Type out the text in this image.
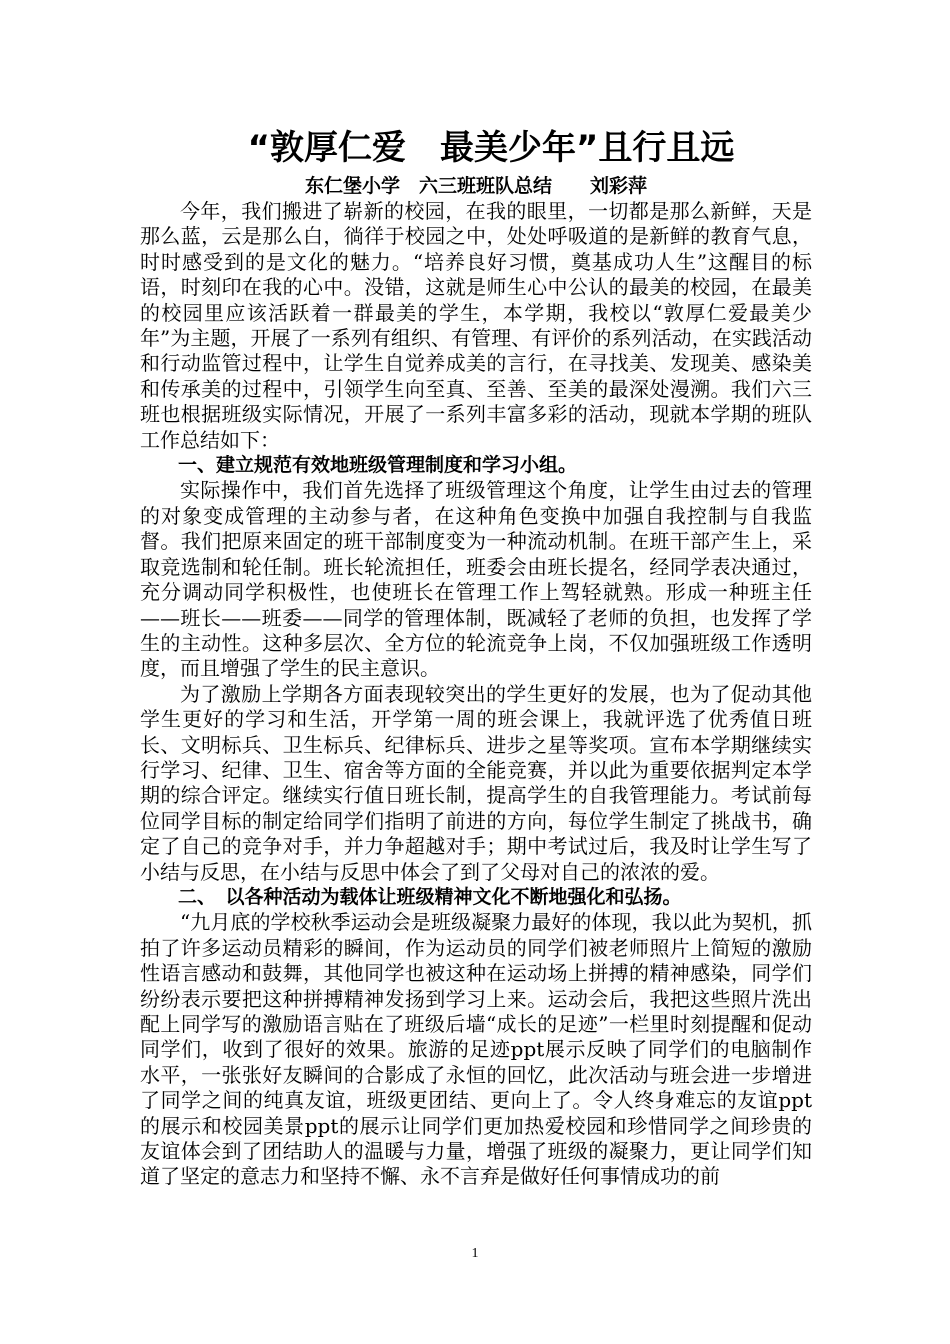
“敦厚仁爱　最美少年”且行且远

东仁堡小学　六三班班队总结　　刘彩萍

今年，我们搬进了崭新的校园，在我的眼里，一切都是那么新鲜，天是那么蓝，云是那么白，徜徉于校园之中，处处呼吸道的是新鲜的教育气息，时时感受到的是文化的魅力。“培养良好习惯，奠基成功人生”这醒目的标语，时刻印在我的心中。没错，这就是师生心中公认的最美的校园，在最美的校园里应该活跃着一群最美的学生，本学期，我校以“敦厚仁爱最美少年”为主题，开展了一系列有组织、有管理、有评价的系列活动，在实践活动和行动监管过程中，让学生自觉养成美的言行，在寻找美、发现美、感染美和传承美的过程中，引领学生向至真、至善、至美的最深处漫溯。我们六三班也根据班级实际情况，开展了一系列丰富多彩的活动，现就本学期的班队工作总结如下：

　　一、建立规范有效地班级管理制度和学习小组。

实际操作中，我们首先选择了班级管理这个角度，让学生由过去的管理的对象变成管理的主动参与者，在这种角色变换中加强自我控制与自我监督。我们把原来固定的班干部制度变为一种流动机制。在班干部产生上，采取竞选制和轮任制。班长轮流担任，班委会由班长提名，经同学表决通过，充分调动同学积极性，也使班长在管理工作上驾轻就熟。形成一种班主任——班长——班委——同学的管理体制，既减轻了老师的负担，也发挥了学生的主动性。这种多层次、全方位的轮流竞争上岗，不仅加强班级工作透明度，而且增强了学生的民主意识。

为了激励上学期各方面表现较突出的学生更好的发展，也为了促动其他学生更好的学习和生活，开学第一周的班会课上，我就评选了优秀值日班长、文明标兵、卫生标兵、纪律标兵、进步之星等奖项。宣布本学期继续实行学习、纪律、卫生、宿舍等方面的全能竞赛，并以此为重要依据判定本学期的综合评定。继续实行值日班长制，提高学生的自我管理能力。考试前每位同学目标的制定给同学们指明了前进的方向，每位学生制定了挑战书，确定了自己的竞争对手，并力争超越对手；期中考试过后，我及时让学生写了小结与反思，在小结与反思中体会了到了父母对自己的浓浓的爱。

　　二、　以各种活动为载体让班级精神文化不断地强化和弘扬。

“九月底的学校秋季运动会是班级凝聚力最好的体现，我以此为契机，抓拍了许多运动员精彩的瞬间，作为运动员的同学们被老师照片上简短的激励性语言感动和鼓舞，其他同学也被这种在运动场上拼搏的精神感染，同学们纷纷表示要把这种拼搏精神发扬到学习上来。运动会后，我把这些照片洗出配上同学写的激励语言贴在了班级后墙“成长的足迹”一栏里时刻提醒和促动同学们，收到了很好的效果。旅游的足迹ppt展示反映了同学们的电脑制作水平，一张张好友瞬间的合影成了永恒的回忆，此次活动与班会进一步增进了同学之间的纯真友谊，班级更团结、更向上了。令人终身难忘的友谊ppt的展示和校园美景ppt的展示让同学们更加热爱校园和珍惜同学之间珍贵的友谊体会到了团结助人的温暖与力量，增强了班级的凝聚力，更让同学们知道了坚定的意志力和坚持不懈、永不言弃是做好任何事情成功的前

1
